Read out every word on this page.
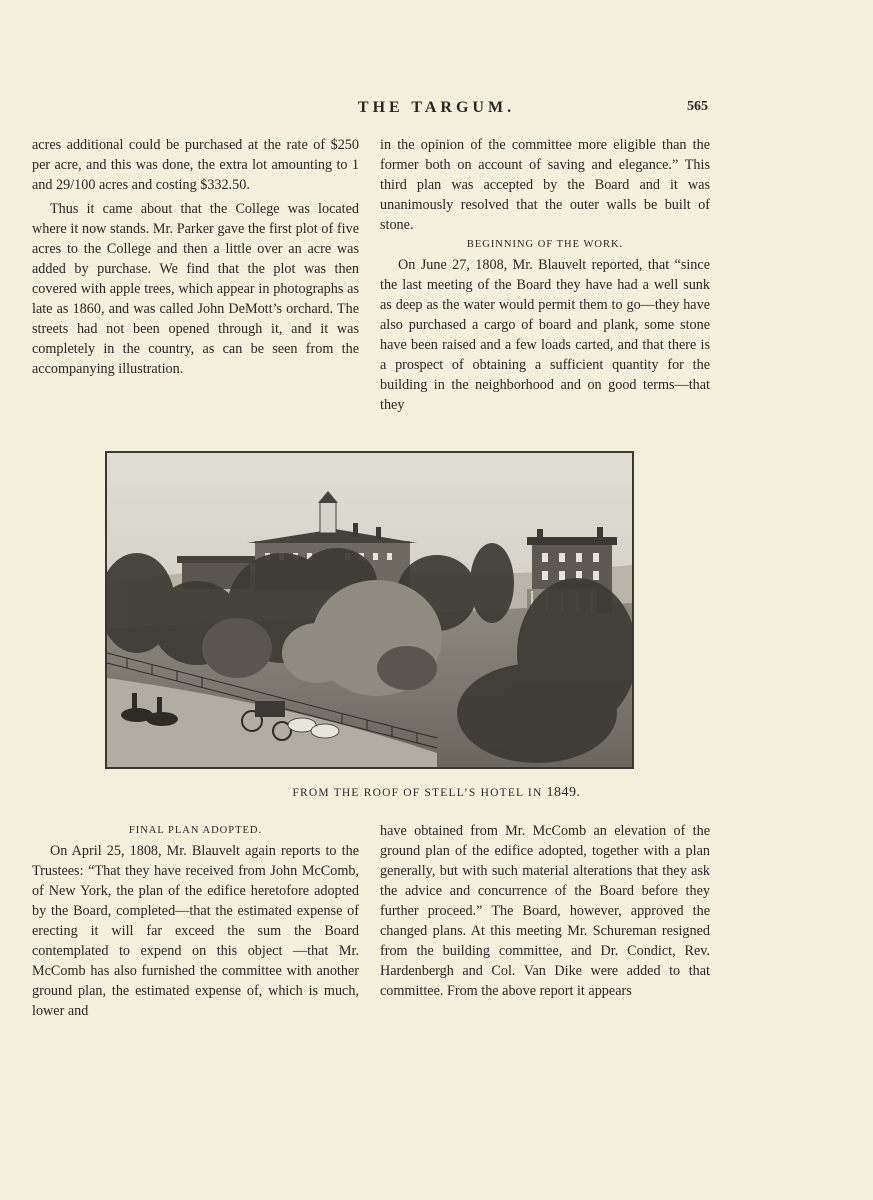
THE TARGUM.	565

acres additional could be purchased at the rate of $250 per acre, and this was done, the extra lot amounting to 1 and 29/100 acres and costing $332.50.

Thus it came about that the College was located where it now stands. Mr. Parker gave the first plot of five acres to the College and then a little over an acre was added by purchase. We find that the plot was then covered with apple trees, which appear in photographs as late as 1860, and was called John DeMott’s orchard. The streets had not been opened through it, and it was completely in the country, as can be seen from the accompanying illustration.

in the opinion of the committee more eligible than the former both on account of saving and elegance.” This third plan was accepted by the Board and it was unanimously resolved that the outer walls be built of stone.

BEGINNING OF THE WORK.

On June 27, 1808, Mr. Blauvelt reported, that “since the last meeting of the Board they have had a well sunk as deep as the water would permit them to go—they have also purchased a cargo of board and plank, some stone have been raised and a few loads carted, and that there is a prospect of obtaining a sufficient quantity for the building in the neighborhood and on good terms—that they

FROM THE ROOF OF STELL’S HOTEL IN 1849.
FINAL PLAN ADOPTED.

On April 25, 1808, Mr. Blauvelt again reports to the Trustees: “That they have received from John McComb, of New York, the plan of the edifice heretofore adopted by the Board, completed—that the estimated expense of erecting it will far exceed the sum the Board contemplated to expend on this object —that Mr. McComb has also furnished the committee with another ground plan, the estimated expense of, which is much, lower and

have obtained from Mr. McComb an elevation of the ground plan of the edifice adopted, together with a plan generally, but with such material alterations that they ask the advice and concurrence of the Board before they further proceed.” The Board, however, approved the changed plans. At this meeting Mr. Schureman resigned from the building committee, and Dr. Condict, Rev. Hardenbergh and Col. Van Dike were added to that committee. From the above report it appears
